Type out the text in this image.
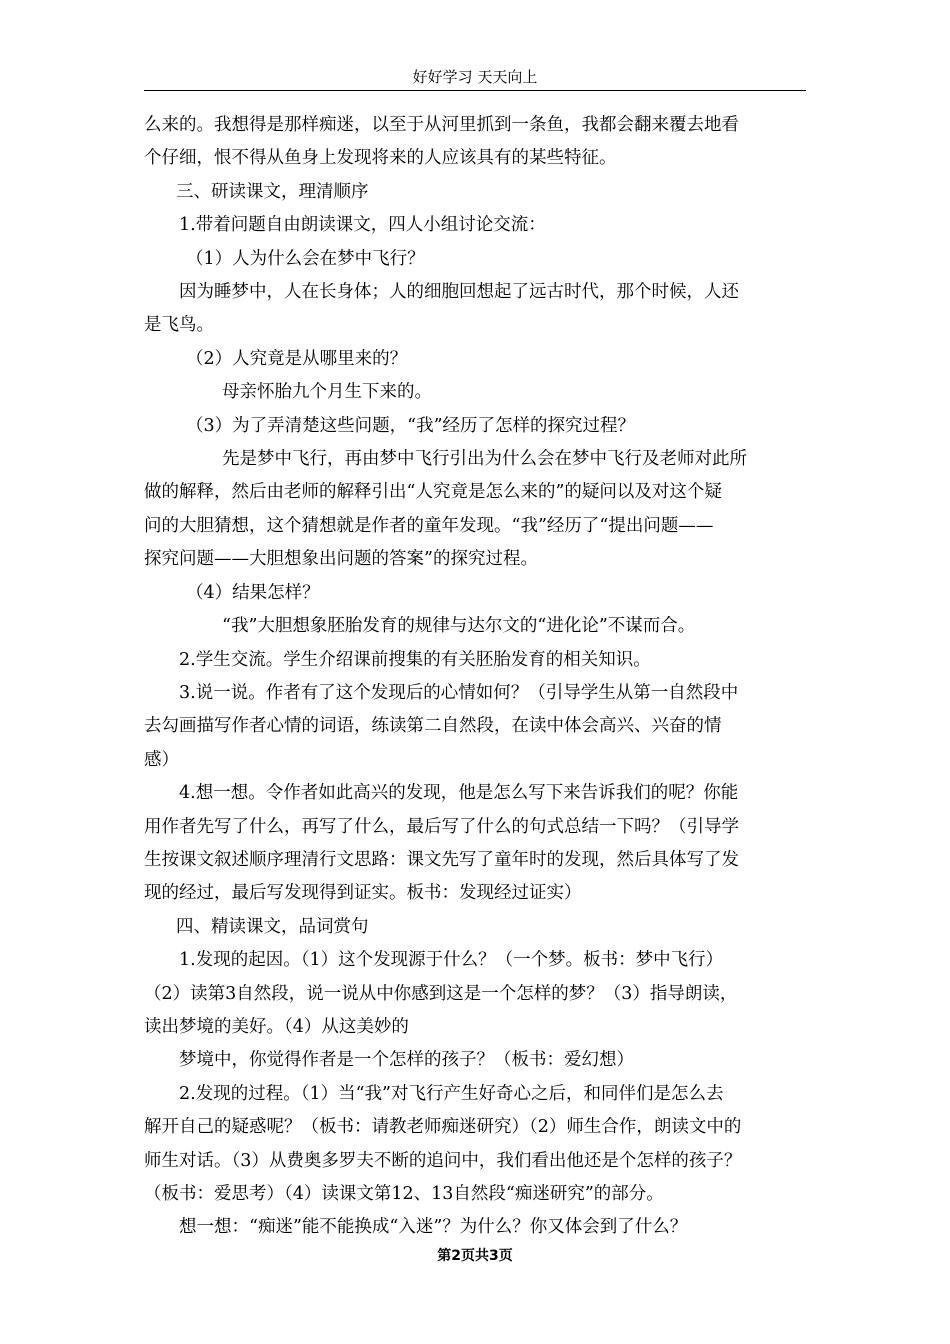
好好学习 天天向上

么来的。我想得是那样痴迷，以至于从河里抓到一条鱼，我都会翻来覆去地看

个仔细，恨不得从鱼身上发现将来的人应该具有的某些特征。

三、研读课文，理清顺序

1.带着问题自由朗读课文，四人小组讨论交流：

（1）人为什么会在梦中飞行？

因为睡梦中，人在长身体；人的细胞回想起了远古时代，那个时候，人还

是飞鸟。

（2）人究竟是从哪里来的？

母亲怀胎九个月生下来的。

（3）为了弄清楚这些问题，“我”经历了怎样的探究过程？

先是梦中飞行，再由梦中飞行引出为什么会在梦中飞行及老师对此所

做的解释，然后由老师的解释引出“人究竟是怎么来的”的疑问以及对这个疑

问的大胆猜想，这个猜想就是作者的童年发现。“我”经历了“提出问题——

探究问题——大胆想象出问题的答案”的探究过程。

（4）结果怎样？

“我”大胆想象胚胎发育的规律与达尔文的“进化论”不谋而合。

2.学生交流。学生介绍课前搜集的有关胚胎发育的相关知识。

3.说一说。作者有了这个发现后的心情如何？（引导学生从第一自然段中

去勾画描写作者心情的词语，练读第二自然段，在读中体会高兴、兴奋的情

感）

4.想一想。令作者如此高兴的发现，他是怎么写下来告诉我们的呢？你能

用作者先写了什么，再写了什么，最后写了什么的句式总结一下吗？（引导学

生按课文叙述顺序理清行文思路：课文先写了童年时的发现，然后具体写了发

现的经过，最后写发现得到证实。板书：发现经过证实）

四、精读课文，品词赏句

1.发现的起因。（1）这个发现源于什么？（一个梦。板书：梦中飞行）

（2）读第3自然段，说一说从中你感到这是一个怎样的梦？（3）指导朗读，

读出梦境的美好。（4）从这美妙的

梦境中，你觉得作者是一个怎样的孩子？（板书：爱幻想）

2.发现的过程。（1）当“我”对飞行产生好奇心之后，和同伴们是怎么去

解开自己的疑惑呢？（板书：请教老师痴迷研究）（2）师生合作，朗读文中的

师生对话。（3）从费奥多罗夫不断的追问中，我们看出他还是个怎样的孩子？

（板书：爱思考）（4）读课文第12、13自然段“痴迷研究”的部分。

想一想：“痴迷”能不能换成“入迷”？为什么？你又体会到了什么？

第2页共3页
